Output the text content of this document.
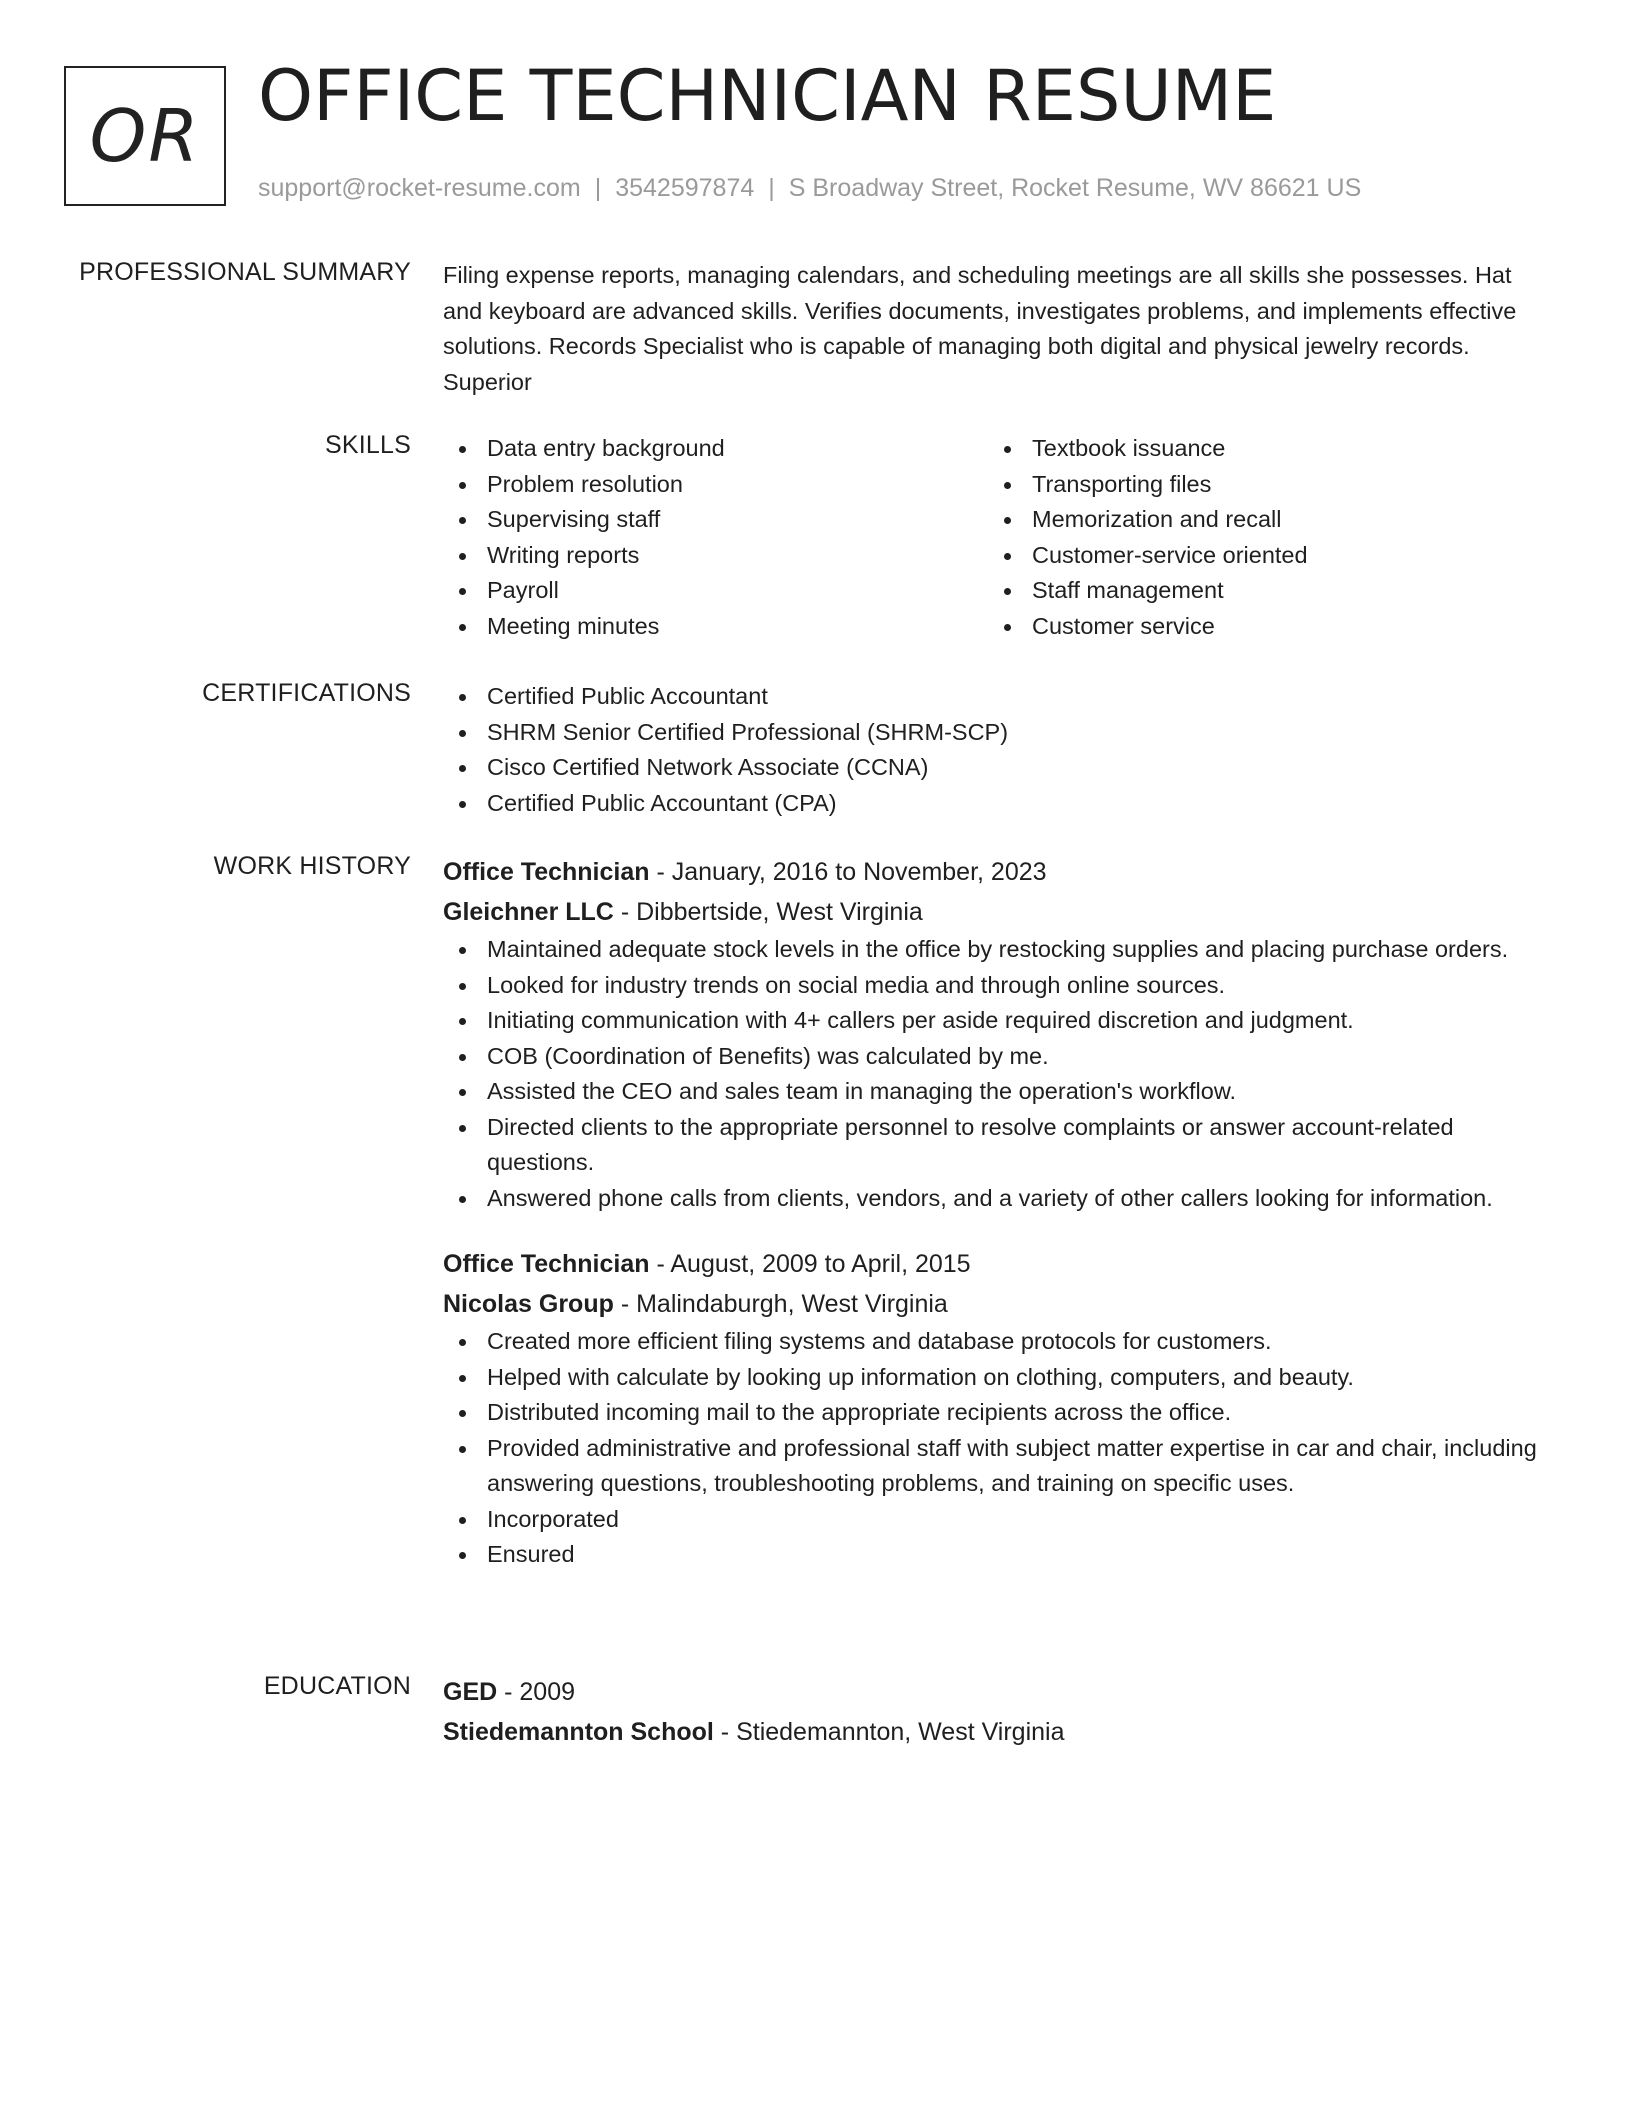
OR OFFICE TECHNICIAN RESUME
support@rocket-resume.com | 3542597874 | S Broadway Street, Rocket Resume, WV 86621 US
PROFESSIONAL SUMMARY Filing expense reports, managing calendars, and scheduling meetings are all skills she possesses. Hat and keyboard are advanced skills. Verifies documents, investigates problems, and implements effective solutions. Records Specialist who is capable of managing both digital and physical jewelry records. Superior

SKILLS	Data entry background
Problem resolution
Supervising staff
Writing reports
Payroll
Meeting minutes
Textbook issuance
Transporting files
Memorization and recall
Customer-service oriented
Staff management
Customer service
CERTIFICATIONS	Certified Public Accountant
SHRM Senior Certified Professional (SHRM-SCP)
Cisco Certified Network Associate (CCNA)
Certified Public Accountant (CPA)
WORK HISTORY Office Technician - January, 2016 to November, 2023
Gleichner LLC - Dibbertside, West Virginia
Maintained adequate stock levels in the office by restocking supplies and placing purchase orders.
Looked for industry trends on social media and through online sources.
Initiating communication with 4+ callers per aside required discretion and judgment.
COB (Coordination of Benefits) was calculated by me.
Assisted the CEO and sales team in managing the operation's workflow.
Directed clients to the appropriate personnel to resolve complaints or answer account-related questions.
Answered phone calls from clients, vendors, and a variety of other callers looking for information.
Office Technician - August, 2009 to April, 2015
Nicolas Group - Malindaburgh, West Virginia
Created more efficient filing systems and database protocols for customers.
Helped with calculate by looking up information on clothing, computers, and beauty.
Distributed incoming mail to the appropriate recipients across the office.
Provided administrative and professional staff with subject matter expertise in car and chair, including answering questions, troubleshooting problems, and training on specific uses.
Incorporated
Ensured
EDUCATION GED - 2009
Stiedemannton School - Stiedemannton, West Virginia
